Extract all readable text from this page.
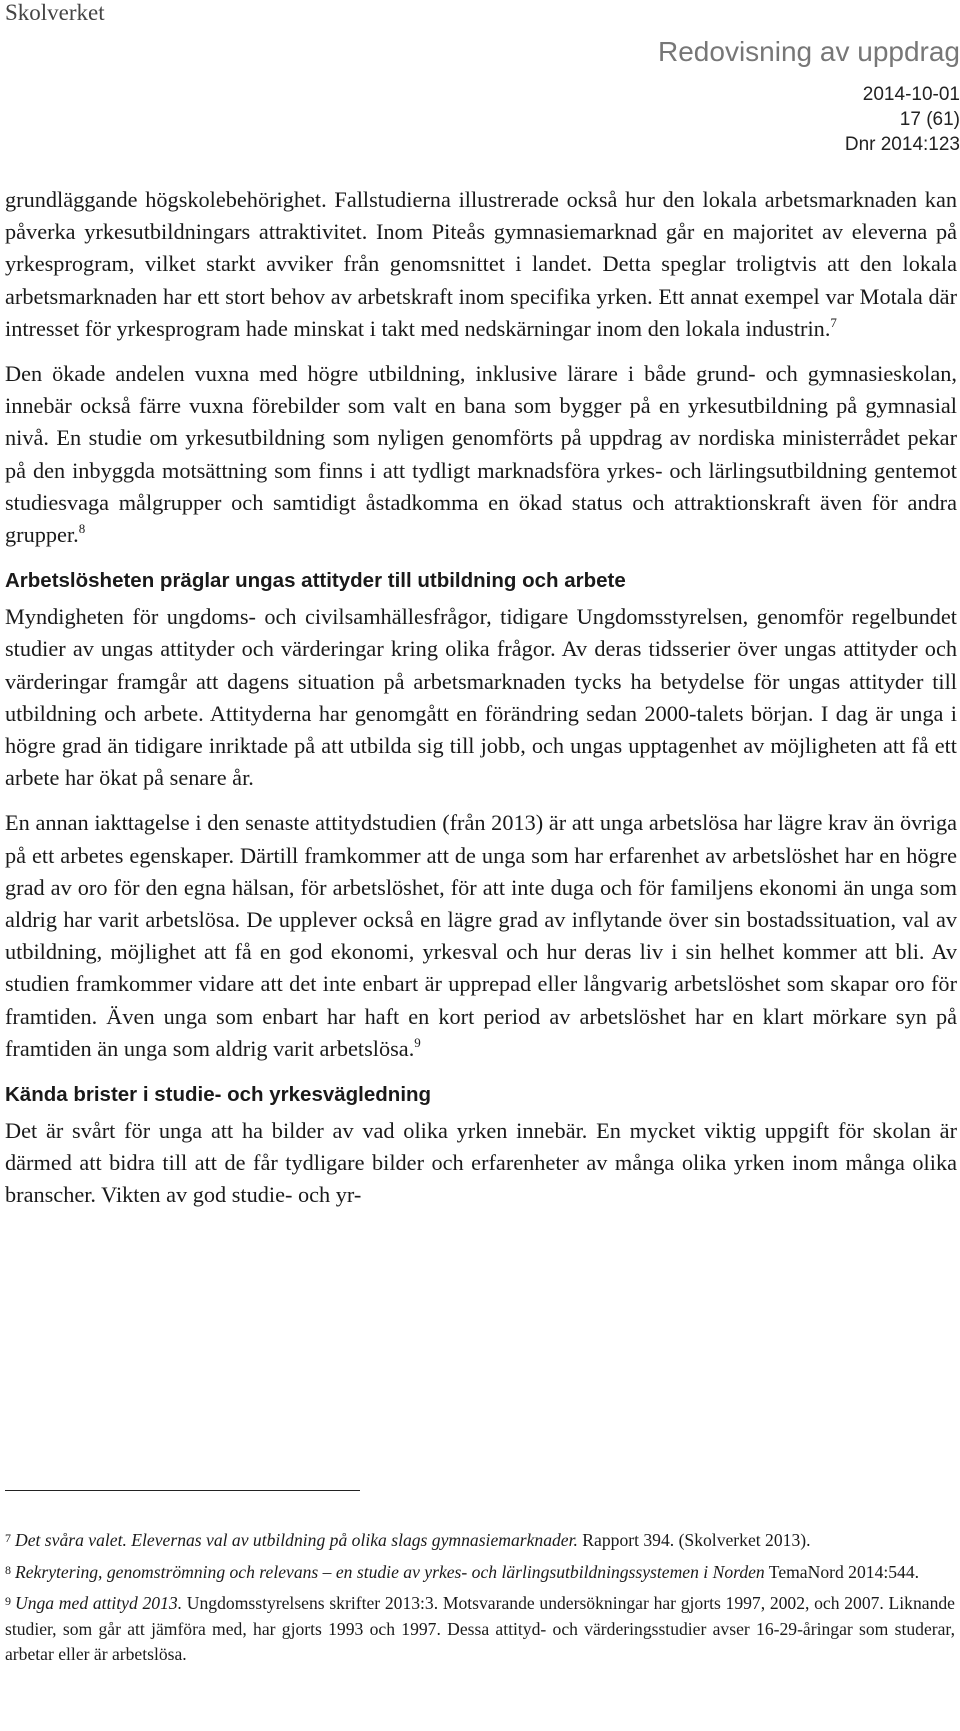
Skolverket
Redovisning av uppdrag
2014-10-01
17 (61)
Dnr 2014:123

grundläggande högskolebehörighet. Fallstudierna illustrerade också hur den lokala arbetsmarknaden kan påverka yrkesutbildningars attraktivitet. Inom Piteås gymnasiemarknad går en majoritet av eleverna på yrkesprogram, vilket starkt avviker från genomsnittet i landet. Detta speglar troligtvis att den lokala arbetsmarknaden har ett stort behov av arbetskraft inom specifika yrken. Ett annat exempel var Motala där intresset för yrkesprogram hade minskat i takt med nedskärningar inom den lokala industrin.$^7$

Den ökade andelen vuxna med högre utbildning, inklusive lärare i både grund- och gymnasieskolan, innebär också färre vuxna förebilder som valt en bana som bygger på en yrkesutbildning på gymnasial nivå. En studie om yrkesutbildning som nyligen genomförts på uppdrag av nordiska ministerrådet pekar på den inbyggda motsättning som finns i att tydligt marknadsföra yrkes- och lärlingsutbildning gentemot studiesvaga målgrupper och samtidigt åstadkomma en ökad status och attraktionskraft även för andra grupper.$^8$

Arbetslösheten präglar ungas attityder till utbildning och arbete

Myndigheten för ungdoms- och civilsamhällesfrågor, tidigare Ungdomsstyrelsen, genomför regelbundet studier av ungas attityder och värderingar kring olika frågor. Av deras tidsserier över ungas attityder och värderingar framgår att dagens situation på arbetsmarknaden tycks ha betydelse för ungas attityder till utbildning och arbete. Attityderna har genomgått en förändring sedan 2000-talets början. I dag är unga i högre grad än tidigare inriktade på att utbilda sig till jobb, och ungas upptagenhet av möjligheten att få ett arbete har ökat på senare år.

En annan iakttagelse i den senaste attitydstudien (från 2013) är att unga arbetslösa har lägre krav än övriga på ett arbetes egenskaper. Därtill framkommer att de unga som har erfarenhet av arbetslöshet har en högre grad av oro för den egna hälsan, för arbetslöshet, för att inte duga och för familjens ekonomi än unga som aldrig har varit arbetslösa. De upplever också en lägre grad av inflytande över sin bostadssituation, val av utbildning, möjlighet att få en god ekonomi, yrkesval och hur deras liv i sin helhet kommer att bli. Av studien framkommer vidare att det inte enbart är upprepad eller långvarig arbetslöshet som skapar oro för framtiden. Även unga som enbart har haft en kort period av arbetslöshet har en klart mörkare syn på framtiden än unga som aldrig varit arbetslösa.$^9$

Kända brister i studie- och yrkesvägledning

Det är svårt för unga att ha bilder av vad olika yrken innebär. En mycket viktig uppgift för skolan är därmed att bidra till att de får tydligare bilder och erfarenheter av många olika yrken inom många olika branscher. Vikten av god studie- och yr-

$^7$ Det svåra valet. Elevernas val av utbildning på olika slags gymnasiemarknader. Rapport 394. (Skolverket 2013).
$^8$ Rekrytering, genomströmning och relevans – en studie av yrkes- och lärlingsutbildningssystemen i Norden TemaNord 2014:544.
$^9$ Unga med attityd 2013. Ungdomsstyrelsens skrifter 2013:3. Motsvarande undersökningar har gjorts 1997, 2002, och 2007. Liknande studier, som går att jämföra med, har gjorts 1993 och 1997. Dessa attityd- och värderingsstudier avser 16-29-åringar som studerar, arbetar eller är arbetslösa.
